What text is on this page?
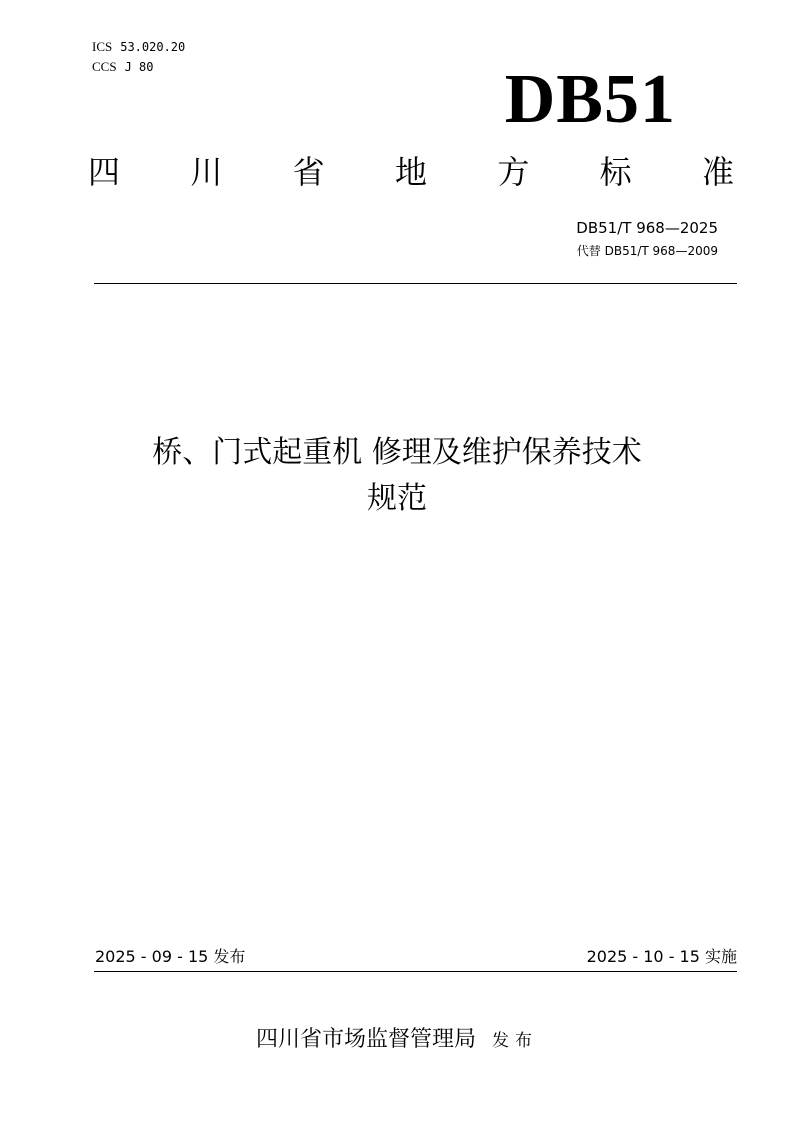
ICS 53.020.20
CCS J 80	DB51
四 川 省 地 方 标 准
DB51/T 968—2025
代替 DB51/T 968—2009
桥、门式起重机 修理及维护保养技术
规范
2025 - 09 - 15 发布	2025 - 10 - 15 实施
四川省市场监督管理局 发布
